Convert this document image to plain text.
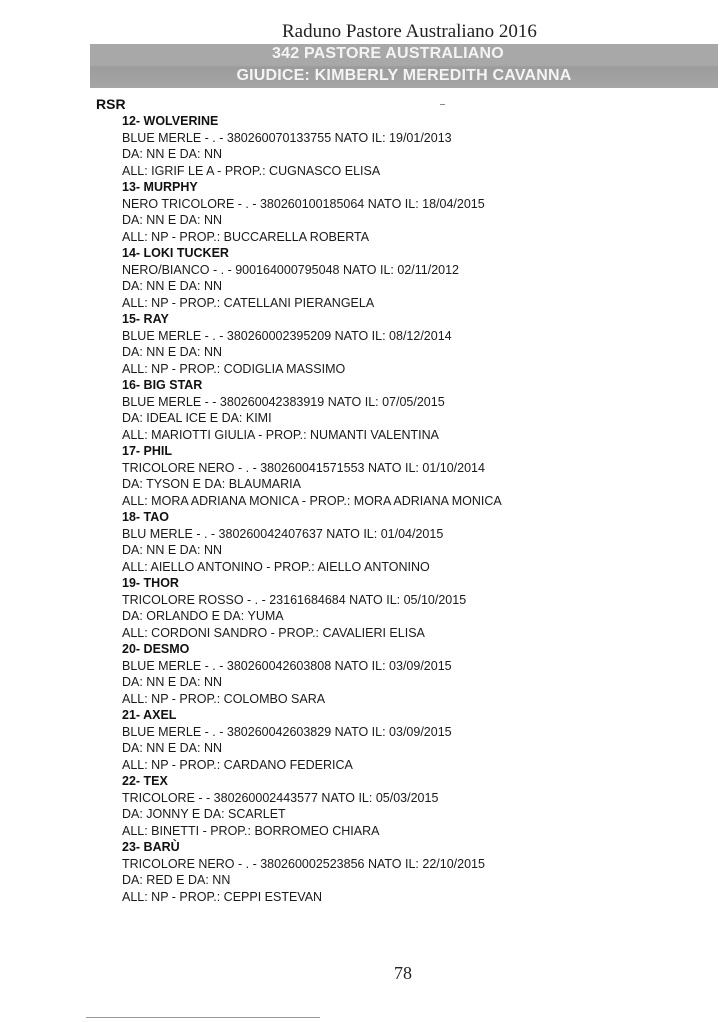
Raduno Pastore Australiano 2016
342 PASTORE AUSTRALIANO
GIUDICE: KIMBERLY MEREDITH CAVANNA
RSR
12- WOLVERINE
BLUE MERLE - . - 380260070133755 NATO IL: 19/01/2013
DA: NN E DA: NN
ALL: IGRIF LE A - PROP.: CUGNASCO ELISA
13- MURPHY
NERO TRICOLORE - . - 380260100185064 NATO IL: 18/04/2015
DA: NN E DA: NN
ALL: NP - PROP.: BUCCARELLA ROBERTA
14- LOKI TUCKER
NERO/BIANCO - . - 900164000795048 NATO IL: 02/11/2012
DA: NN E DA: NN
ALL: NP - PROP.: CATELLANI PIERANGELA
15- RAY
BLUE MERLE - . - 380260002395209 NATO IL: 08/12/2014
DA: NN E DA: NN
ALL: NP - PROP.: CODIGLIA MASSIMO
16- BIG STAR
BLUE MERLE - - 380260042383919 NATO IL: 07/05/2015
DA: IDEAL ICE E DA: KIMI
ALL: MARIOTTI GIULIA - PROP.: NUMANTI VALENTINA
17- PHIL
TRICOLORE NERO - . - 380260041571553 NATO IL: 01/10/2014
DA: TYSON E DA: BLAUMARIA
ALL: MORA ADRIANA MONICA - PROP.: MORA ADRIANA MONICA
18- TAO
BLU MERLE - . - 380260042407637 NATO IL: 01/04/2015
DA: NN E DA: NN
ALL: AIELLO ANTONINO - PROP.: AIELLO ANTONINO
19- THOR
TRICOLORE ROSSO - . - 23161684684 NATO IL: 05/10/2015
DA: ORLANDO E DA: YUMA
ALL: CORDONI SANDRO - PROP.: CAVALIERI ELISA
20- DESMO
BLUE MERLE - . - 380260042603808 NATO IL: 03/09/2015
DA: NN E DA: NN
ALL: NP - PROP.: COLOMBO SARA
21- AXEL
BLUE MERLE - . - 380260042603829 NATO IL: 03/09/2015
DA: NN E DA: NN
ALL: NP - PROP.: CARDANO FEDERICA
22- TEX
TRICOLORE - - 380260002443577 NATO IL: 05/03/2015
DA: JONNY E DA: SCARLET
ALL: BINETTI - PROP.: BORROMEO CHIARA
23- BARÙ
TRICOLORE NERO - . - 380260002523856 NATO IL: 22/10/2015
DA: RED E DA: NN
ALL: NP - PROP.: CEPPI ESTEVAN
78
